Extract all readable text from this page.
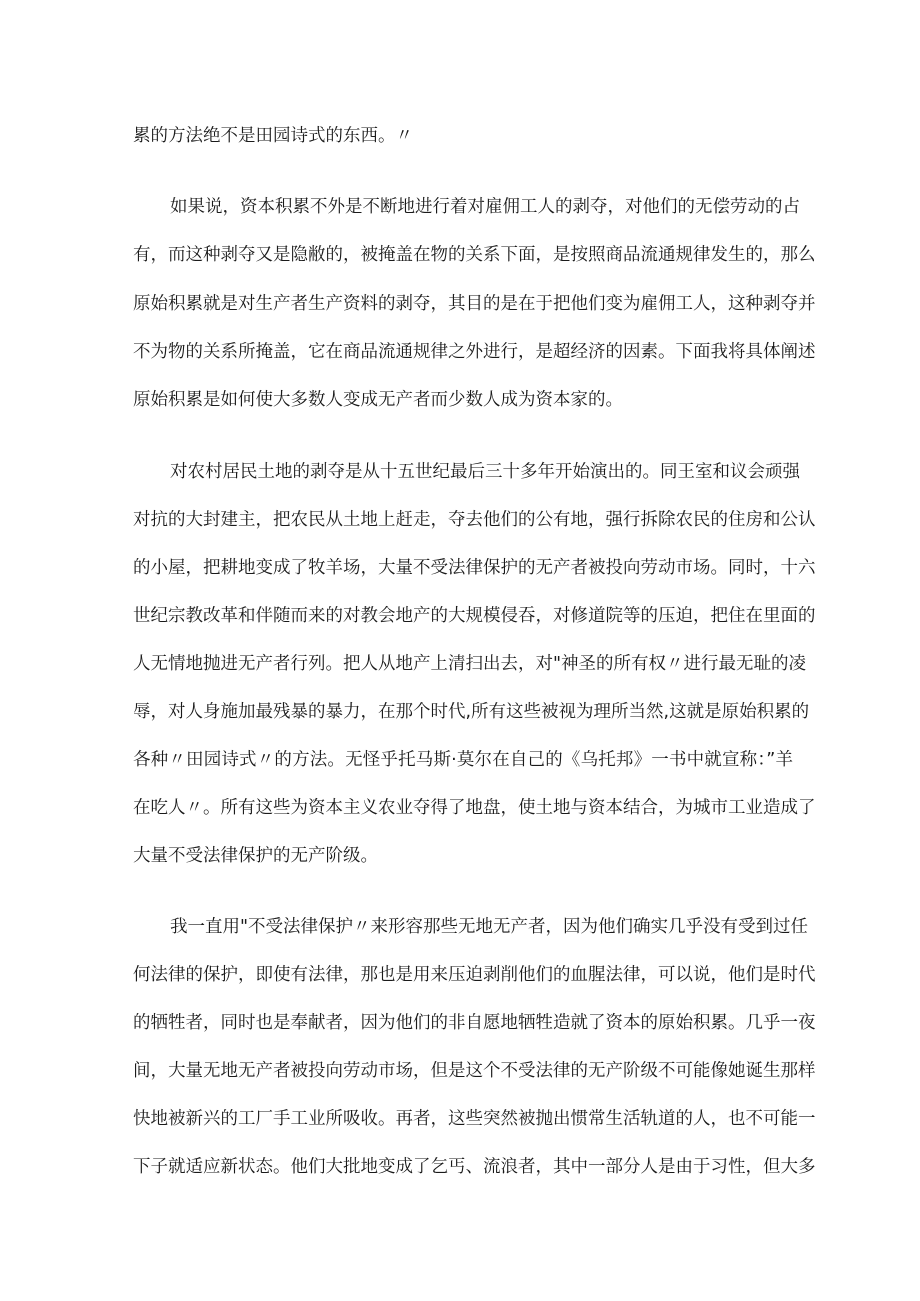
累的方法绝不是田园诗式的东西。〃
如果说，资本积累不外是不断地进行着对雇佣工人的剥夺，对他们的无偿劳动的占
有，而这种剥夺又是隐敝的，被掩盖在物的关系下面，是按照商品流通规律发生的，那么
原始积累就是对生产者生产资料的剥夺，其目的是在于把他们变为雇佣工人，这种剥夺并
不为物的关系所掩盖，它在商品流通规律之外进行，是超经济的因素。下面我将具体阐述
原始积累是如何使大多数人变成无产者而少数人成为资本家的。
对农村居民土地的剥夺是从十五世纪最后三十多年开始演出的。同王室和议会顽强
对抗的大封建主，把农民从土地上赶走，夺去他们的公有地，强行拆除农民的住房和公认
的小屋，把耕地变成了牧羊场，大量不受法律保护的无产者被投向劳动市场。同时，十六
世纪宗教改革和伴随而来的对教会地产的大规模侵吞，对修道院等的压迫，把住在里面的
人无情地抛进无产者行列。把人从地产上清扫出去，对"神圣的所有权〃进行最无耻的凌
辱，对人身施加最残暴的暴力，在那个时代,所有这些被视为理所当然,这就是原始积累的
各种〃田园诗式〃的方法。无怪乎托马斯·莫尔在自己的《乌托邦》一书中就宣称：”羊
在吃人〃。所有这些为资本主义农业夺得了地盘，使土地与资本结合，为城市工业造成了
大量不受法律保护的无产阶级。
我一直用"不受法律保护〃来形容那些无地无产者，因为他们确实几乎没有受到过任
何法律的保护，即使有法律，那也是用来压迫剥削他们的血腥法律，可以说，他们是时代
的牺牲者，同时也是奉献者，因为他们的非自愿地牺牲造就了资本的原始积累。几乎一夜
间，大量无地无产者被投向劳动市场，但是这个不受法律的无产阶级不可能像她诞生那样
快地被新兴的工厂手工业所吸收。再者，这些突然被抛出惯常生活轨道的人，也不可能一
下子就适应新状态。他们大批地变成了乞丐、流浪者，其中一部分人是由于习性，但大多
